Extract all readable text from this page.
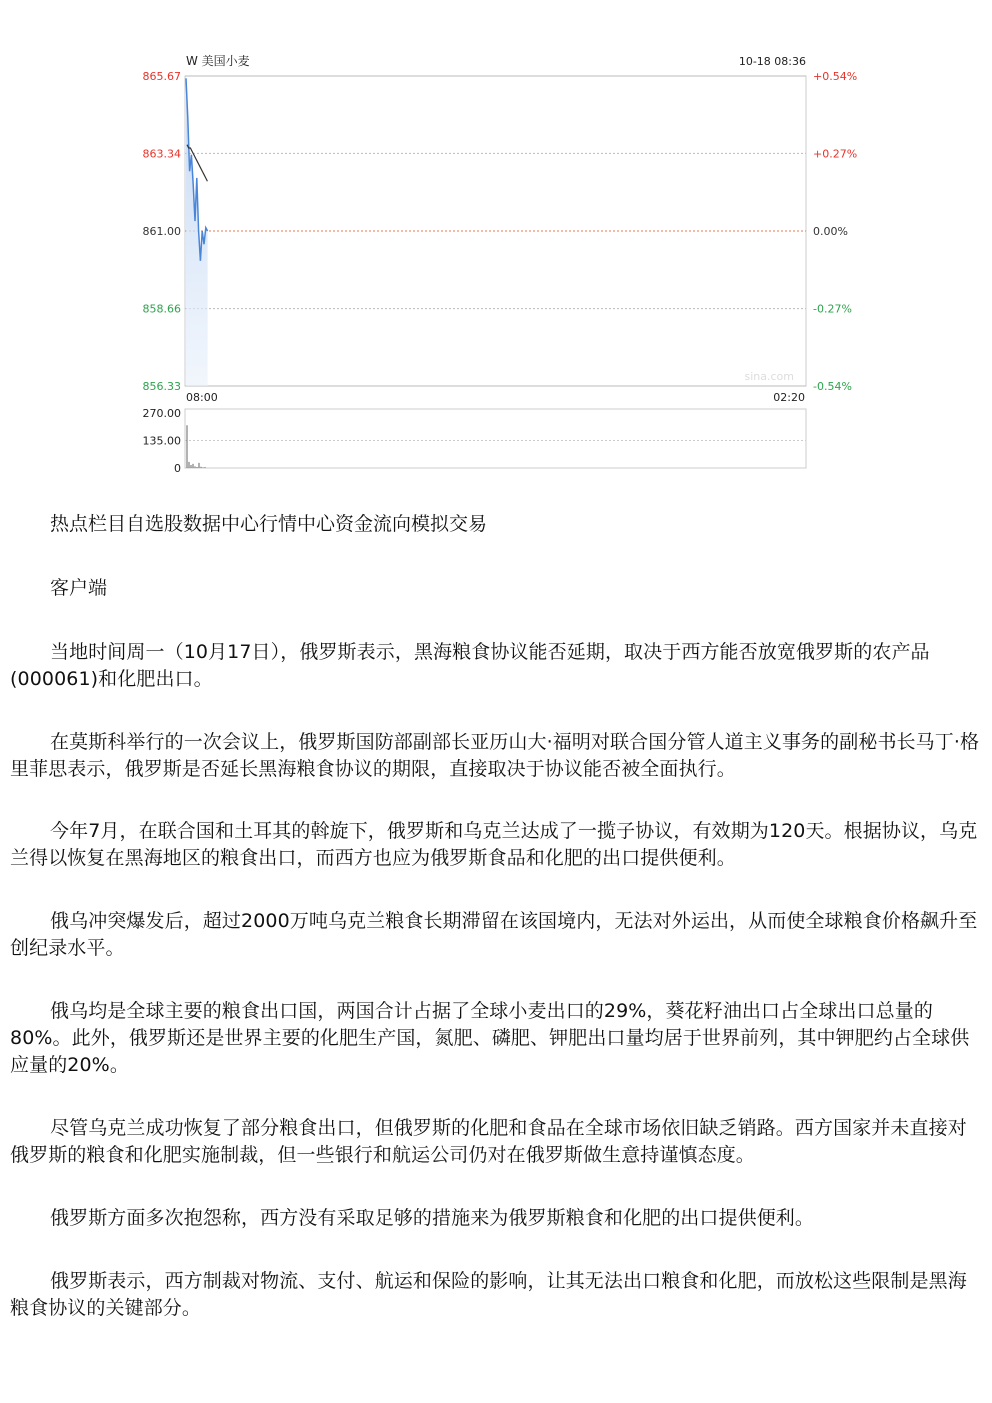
W 美国小麦	10-18 08:36
865.67	+0.54%
863.34	+0.27%
861.00	0.00%
858.66	-0.27%
856.33	-0.54%
08:00	02:20
sina.com
270.00
135.00
0

热点栏目自选股数据中心行情中心资金流向模拟交易

客户端

当地时间周一（10月17日），俄罗斯表示，黑海粮食协议能否延期，取决于西方能否放宽俄罗斯的农产品(000061)和化肥出口。

在莫斯科举行的一次会议上，俄罗斯国防部副部长亚历山大·福明对联合国分管人道主义事务的副秘书长马丁·格里菲思表示，俄罗斯是否延长黑海粮食协议的期限，直接取决于协议能否被全面执行。

今年7月，在联合国和土耳其的斡旋下，俄罗斯和乌克兰达成了一揽子协议，有效期为120天。根据协议，乌克兰得以恢复在黑海地区的粮食出口，而西方也应为俄罗斯食品和化肥的出口提供便利。

俄乌冲突爆发后，超过2000万吨乌克兰粮食长期滞留在该国境内，无法对外运出，从而使全球粮食价格飙升至创纪录水平。

俄乌均是全球主要的粮食出口国，两国合计占据了全球小麦出口的29%，葵花籽油出口占全球出口总量的80%。此外，俄罗斯还是世界主要的化肥生产国，氮肥、磷肥、钾肥出口量均居于世界前列，其中钾肥约占全球供应量的20%。

尽管乌克兰成功恢复了部分粮食出口，但俄罗斯的化肥和食品在全球市场依旧缺乏销路。西方国家并未直接对俄罗斯的粮食和化肥实施制裁，但一些银行和航运公司仍对在俄罗斯做生意持谨慎态度。

俄罗斯方面多次抱怨称，西方没有采取足够的措施来为俄罗斯粮食和化肥的出口提供便利。

俄罗斯表示，西方制裁对物流、支付、航运和保险的影响，让其无法出口粮食和化肥，而放松这些限制是黑海粮食协议的关键部分。
